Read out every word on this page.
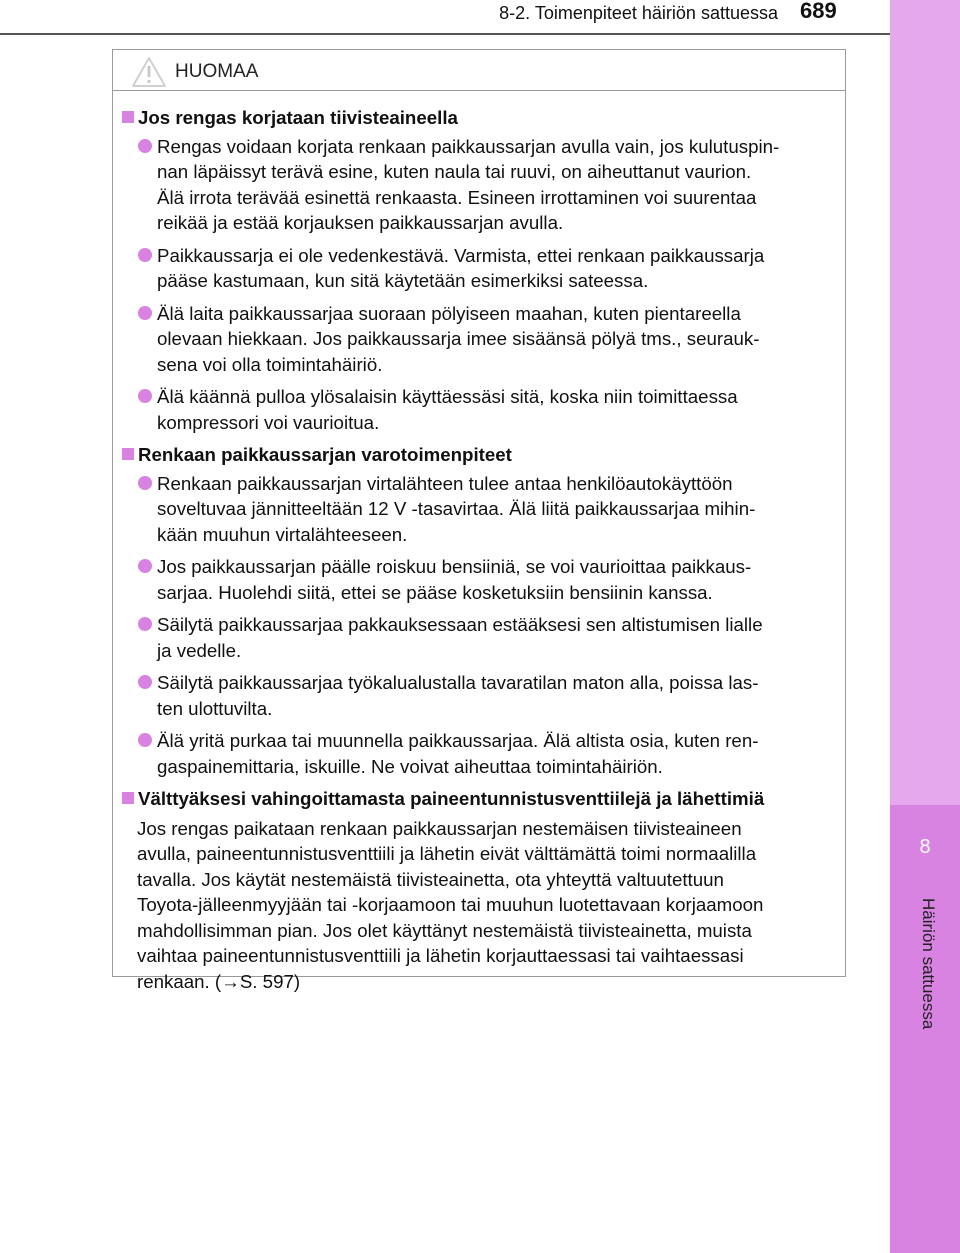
8-2. Toimenpiteet häiriön sattuessa 689
8
Häiriön sattuessa
HUOMAA
Jos rengas korjataan tiivisteaineella
Rengas voidaan korjata renkaan paikkaussarjan avulla vain, jos kulutuspin-
nan läpäissyt terävä esine, kuten naula tai ruuvi, on aiheuttanut vaurion.
Älä irrota terävää esinettä renkaasta. Esineen irrottaminen voi suurentaa
reikää ja estää korjauksen paikkaussarjan avulla.
Paikkaussarja ei ole vedenkestävä. Varmista, ettei renkaan paikkaussarja
pääse kastumaan, kun sitä käytetään esimerkiksi sateessa.
Älä laita paikkaussarjaa suoraan pölyiseen maahan, kuten pientareella
olevaan hiekkaan. Jos paikkaussarja imee sisäänsä pölyä tms., seurauk-
sena voi olla toimintahäiriö.
Älä käännä pulloa ylösalaisin käyttäessäsi sitä, koska niin toimittaessa
kompressori voi vaurioitua.
Renkaan paikkaussarjan varotoimenpiteet
Renkaan paikkaussarjan virtalähteen tulee antaa henkilöautokäyttöön
soveltuvaa jännitteeltään 12 V -tasavirtaa. Älä liitä paikkaussarjaa mihin-
kään muuhun virtalähteeseen.
Jos paikkaussarjan päälle roiskuu bensiiniä, se voi vaurioittaa paikkaus-
sarjaa. Huolehdi siitä, ettei se pääse kosketuksiin bensiinin kanssa.
Säilytä paikkaussarjaa pakkauksessaan estääksesi sen altistumisen lialle
ja vedelle.
Säilytä paikkaussarjaa työkalualustalla tavaratilan maton alla, poissa las-
ten ulottuvilta.
Älä yritä purkaa tai muunnella paikkaussarjaa. Älä altista osia, kuten ren-
gaspainemittaria, iskuille. Ne voivat aiheuttaa toimintahäiriön.
Välttyäksesi vahingoittamasta paineentunnistusventtiilejä ja lähettimiä
Jos rengas paikataan renkaan paikkaussarjan nestemäisen tiivisteaineen
avulla, paineentunnistusventtiili ja lähetin eivät välttämättä toimi normaalilla
tavalla. Jos käytät nestemäistä tiivisteainetta, ota yhteyttä valtuutettuun
Toyota-jälleenmyyjään tai -korjaamoon tai muuhun luotettavaan korjaamoon
mahdollisimman pian. Jos olet käyttänyt nestemäistä tiivisteainetta, muista
vaihtaa paineentunnistusventtiili ja lähetin korjauttaessasi tai vaihtaessasi
renkaan. (→S. 597)
